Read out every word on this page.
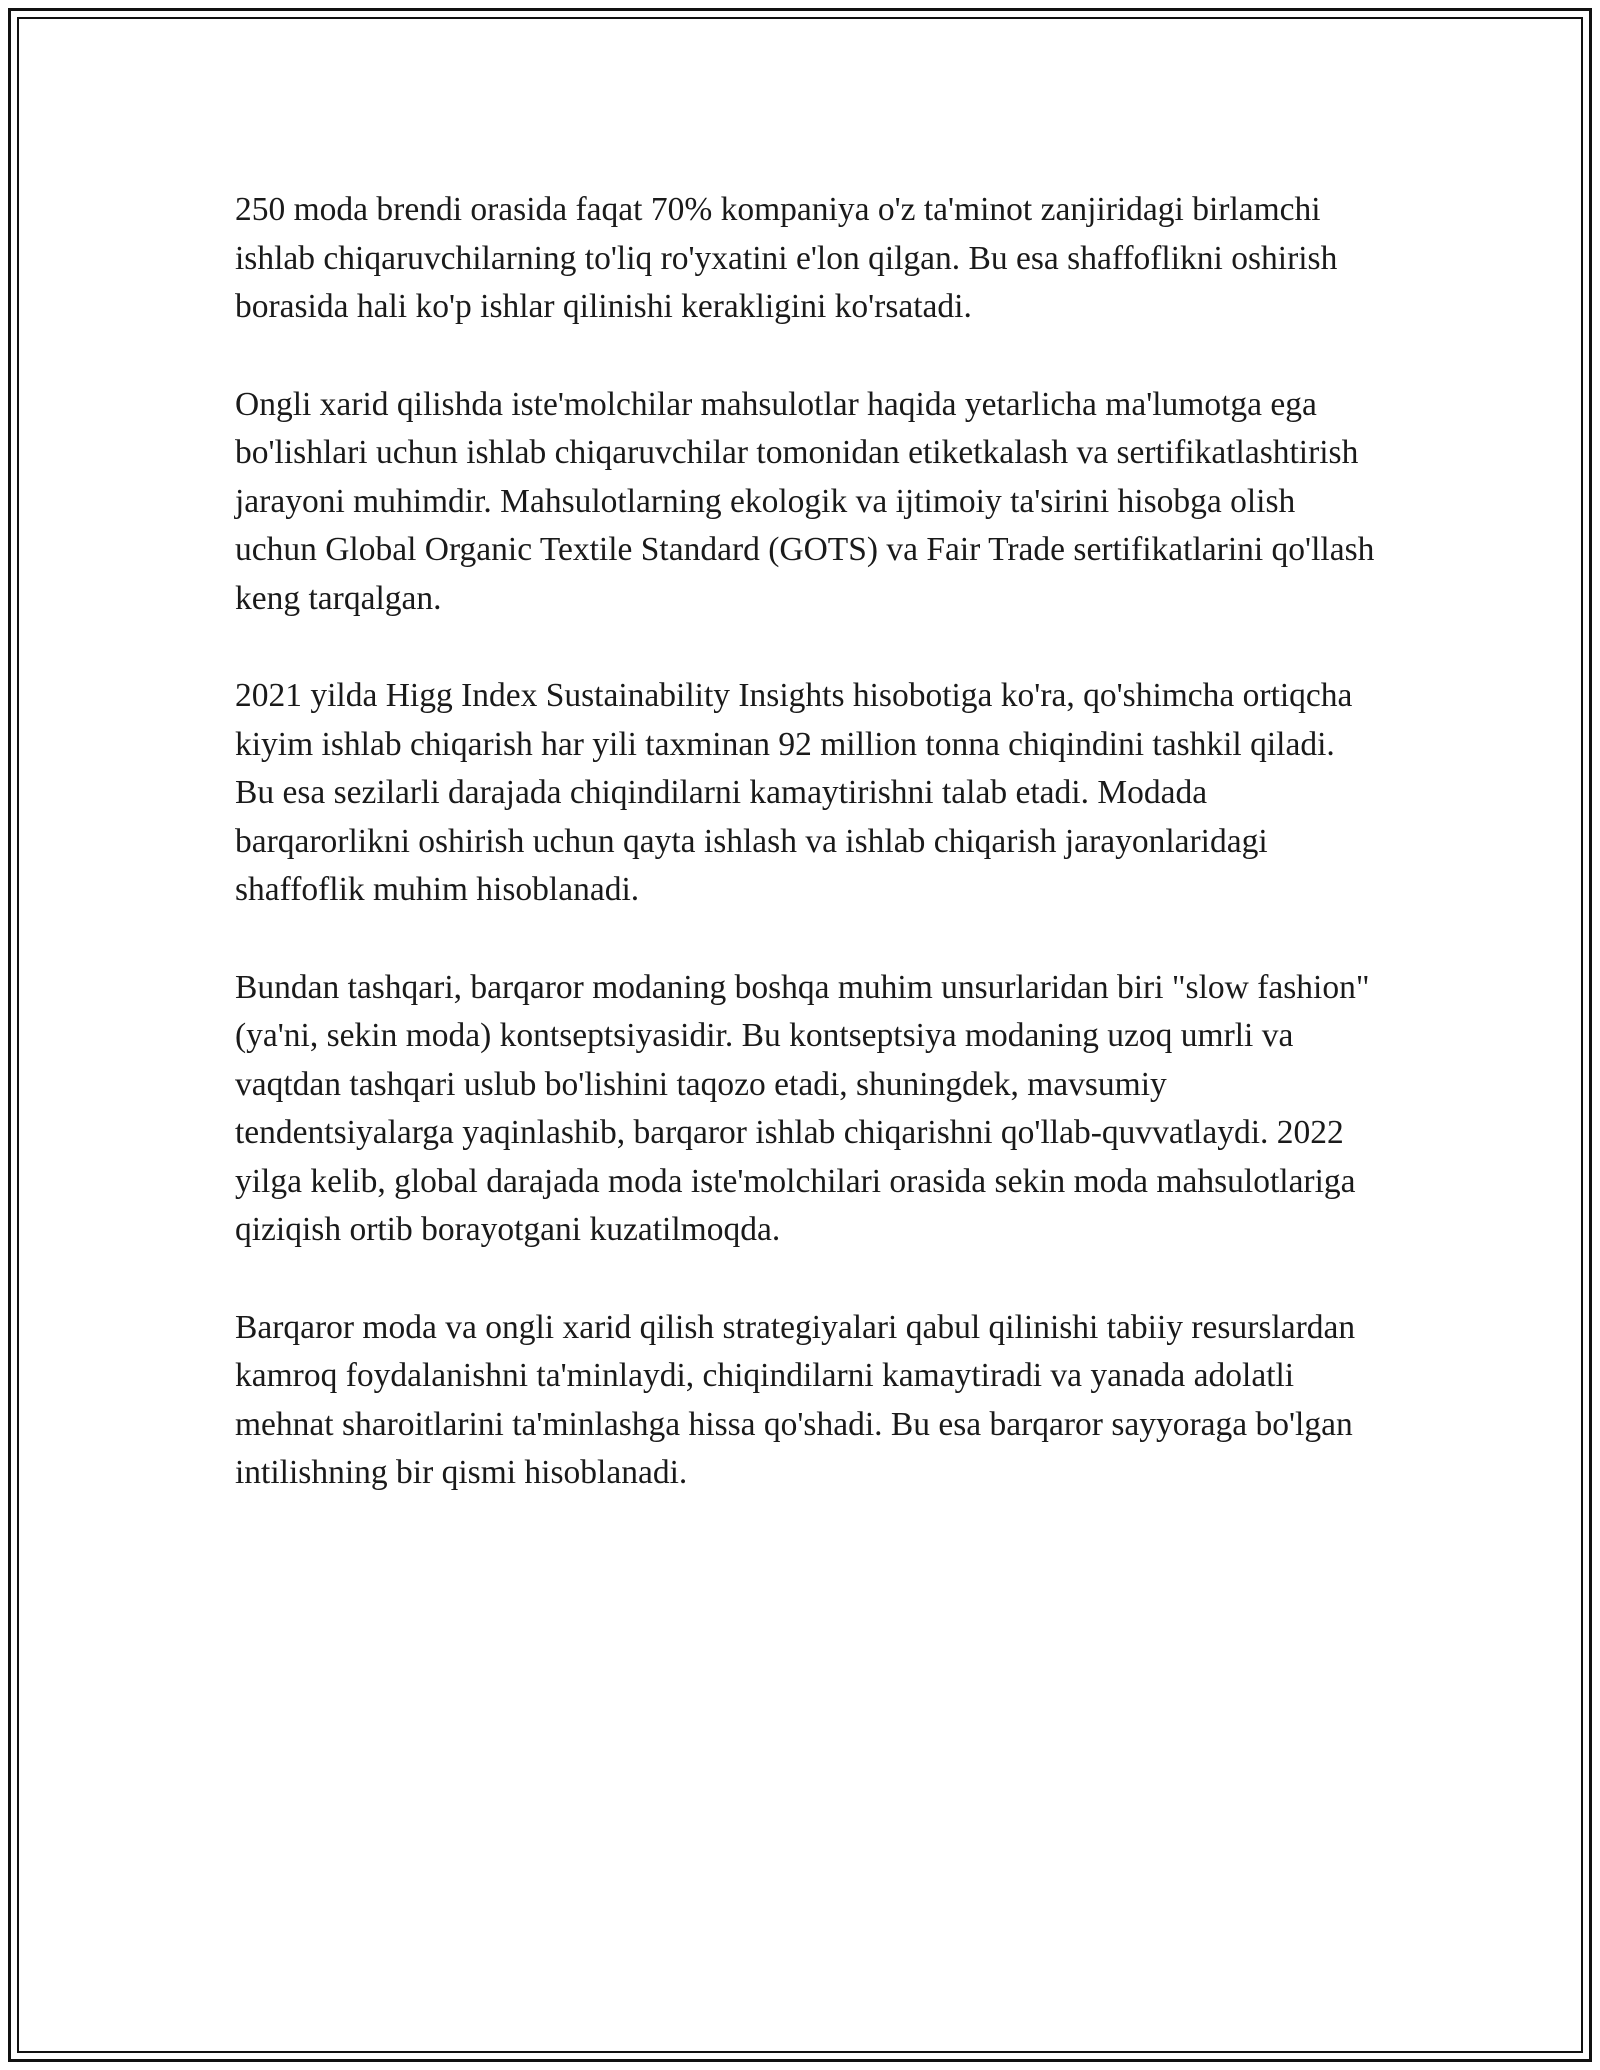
250 moda brendi orasida faqat 70% kompaniya o'z ta'minot zanjiridagi birlamchi ishlab chiqaruvchilarning to'liq ro'yxatini e'lon qilgan. Bu esa shaffoflikni oshirish borasida hali ko'p ishlar qilinishi kerakligini ko'rsatadi.

Ongli xarid qilishda iste'molchilar mahsulotlar haqida yetarlicha ma'lumotga ega bo'lishlari uchun ishlab chiqaruvchilar tomonidan etiketkalash va sertifikatlashtirish jarayoni muhimdir. Mahsulotlarning ekologik va ijtimoiy ta'sirini hisobga olish uchun Global Organic Textile Standard (GOTS) va Fair Trade sertifikatlarini qo'llash keng tarqalgan.

2021 yilda Higg Index Sustainability Insights hisobotiga ko'ra, qo'shimcha ortiqcha kiyim ishlab chiqarish har yili taxminan 92 million tonna chiqindini tashkil qiladi. Bu esa sezilarli darajada chiqindilarni kamaytirishni talab etadi. Modada barqarorlikni oshirish uchun qayta ishlash va ishlab chiqarish jarayonlaridagi shaffoflik muhim hisoblanadi.

Bundan tashqari, barqaror modaning boshqa muhim unsurlaridan biri "slow fashion" (ya'ni, sekin moda) kontseptsiyasidir. Bu kontseptsiya modaning uzoq umrli va vaqtdan tashqari uslub bo'lishini taqozo etadi, shuningdek, mavsumiy tendentsiyalarga yaqinlashib, barqaror ishlab chiqarishni qo'llab-quvvatlaydi. 2022 yilga kelib, global darajada moda iste'molchilari orasida sekin moda mahsulotlariga qiziqish ortib borayotgani kuzatilmoqda.

Barqaror moda va ongli xarid qilish strategiyalari qabul qilinishi tabiiy resurslardan kamroq foydalanishni ta'minlaydi, chiqindilarni kamaytiradi va yanada adolatli mehnat sharoitlarini ta'minlashga hissa qo'shadi. Bu esa barqaror sayyoraga bo'lgan intilishning bir qismi hisoblanadi.
